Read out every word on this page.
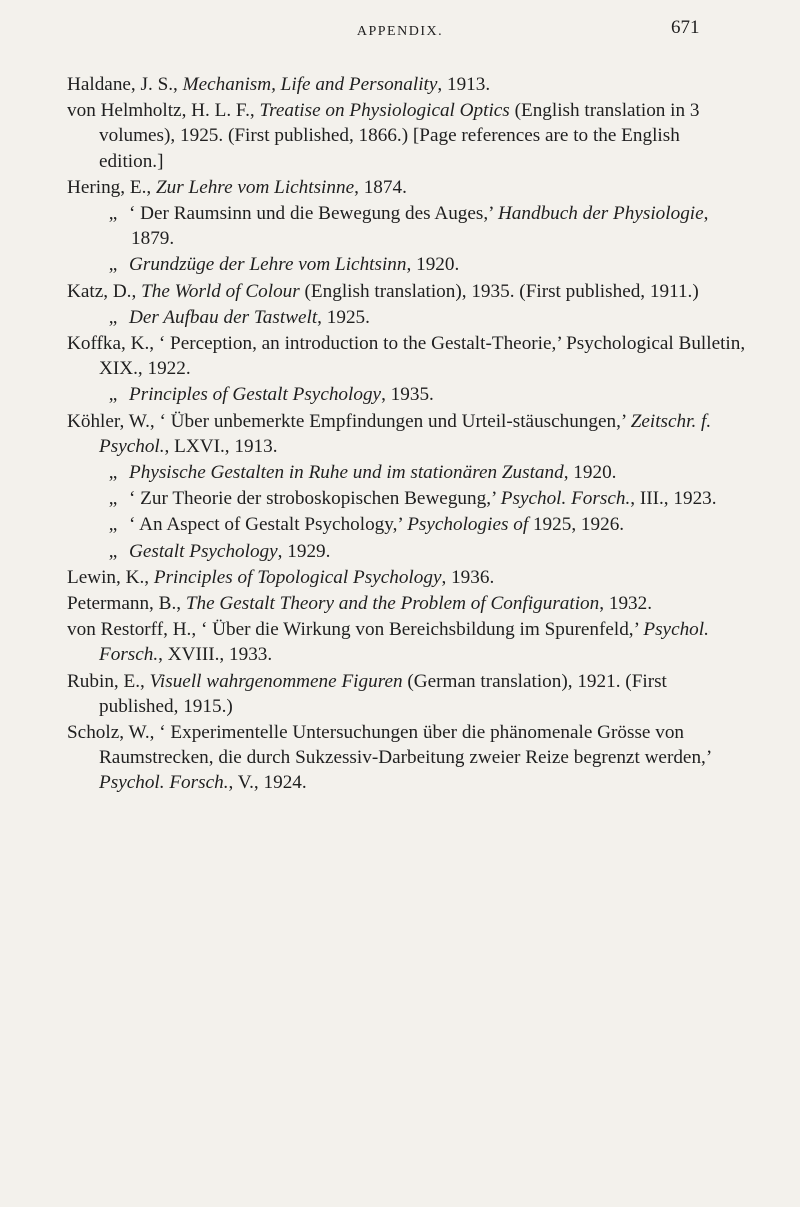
APPENDIX.	671

Haldane, J. S., Mechanism, Life and Personality, 1913.

von Helmholtz, H. L. F., Treatise on Physiological Optics (English translation in 3 volumes), 1925. (First published, 1866.) [Page references are to the English edition.]

Hering, E., Zur Lehre vom Lichtsinne, 1874.

„ ‘ Der Raumsinn und die Bewegung des Auges,’ Handbuch der Physiologie, 1879.

„ Grundzüge der Lehre vom Lichtsinn, 1920.

Katz, D., The World of Colour (English translation), 1935. (First published, 1911.)

„ Der Aufbau der Tastwelt, 1925.

Koffka, K., ‘ Perception, an introduction to the Gestalt-Theorie,’ Psychological Bulletin, XIX., 1922.

„ Principles of Gestalt Psychology, 1935.

Köhler, W., ‘ Über unbemerkte Empfindungen und Urteil-stäuschungen,’ Zeitschr. f. Psychol., LXVI., 1913.

„ Physische Gestalten in Ruhe und im stationären Zustand, 1920.

„ ‘ Zur Theorie der stroboskopischen Bewegung,’ Psychol. Forsch., III., 1923.

„ ‘ An Aspect of Gestalt Psychology,’ Psychologies of 1925, 1926.

„ Gestalt Psychology, 1929.

Lewin, K., Principles of Topological Psychology, 1936.

Petermann, B., The Gestalt Theory and the Problem of Configuration, 1932.

von Restorff, H., ‘ Über die Wirkung von Bereichsbildung im Spurenfeld,’ Psychol. Forsch., XVIII., 1933.

Rubin, E., Visuell wahrgenommene Figuren (German translation), 1921. (First published, 1915.)

Scholz, W., ‘ Experimentelle Untersuchungen über die phänomenale Grösse von Raumstrecken, die durch Sukzessiv-Darbeitung zweier Reize begrenzt werden,’ Psychol. Forsch., V., 1924.
